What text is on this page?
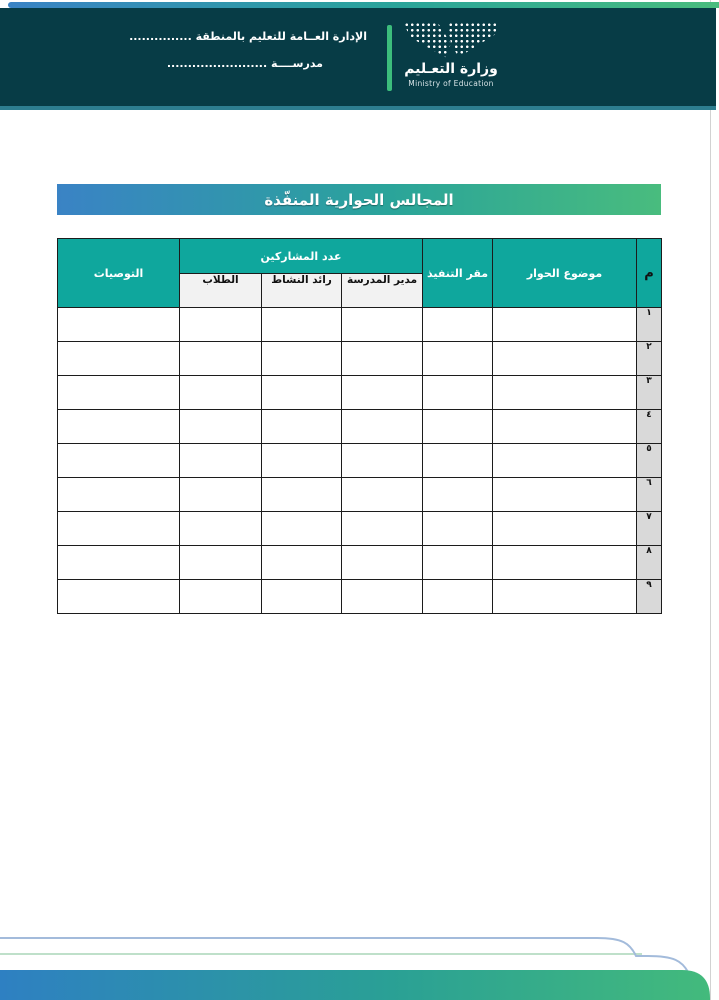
الإدارة العــامة للتعليم بالمنطقة ...............
مدرســــة ........................	وزارة التعـليم
Ministry of Education
المجالس الحوارية المنفّذة
م	موضوع الحوار	مقر التنفيذ	عدد المشاركين			التوصيات
			مدير المدرسة	رائد النشاط	الطلاب	
١						
٢						
٣						
٤						
٥						
٦						
٧						
٨						
٩						
